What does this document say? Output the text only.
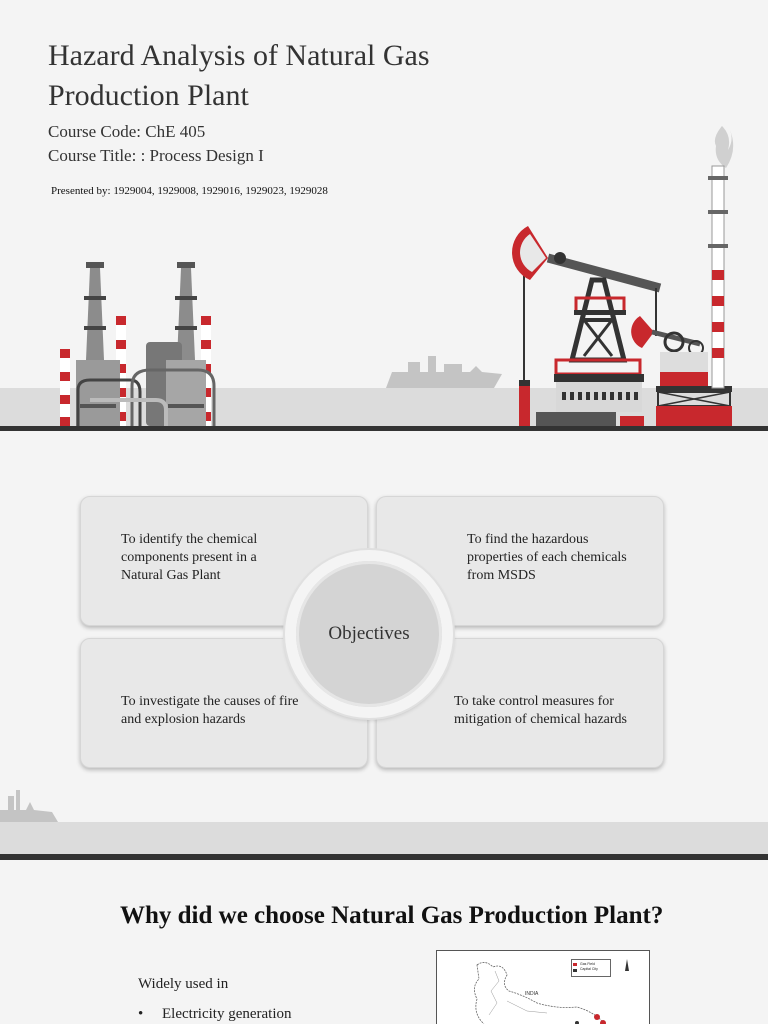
Hazard Analysis of Natural Gas
Production Plant
Course Code: ChE 405
Course Title: : Process Design I
Presented by: 1929004, 1929008, 1929016, 1929023, 1929028
To identify the chemical components present in a Natural Gas Plant
To find the hazardous properties of each chemicals from MSDS
To investigate the causes of fire and explosion hazards
To take control measures for mitigation of chemical hazards
Objectives
Why did we choose Natural Gas Production Plant?
Widely used in
• Electricity generation
INDIA
Gas Field
Capital City
